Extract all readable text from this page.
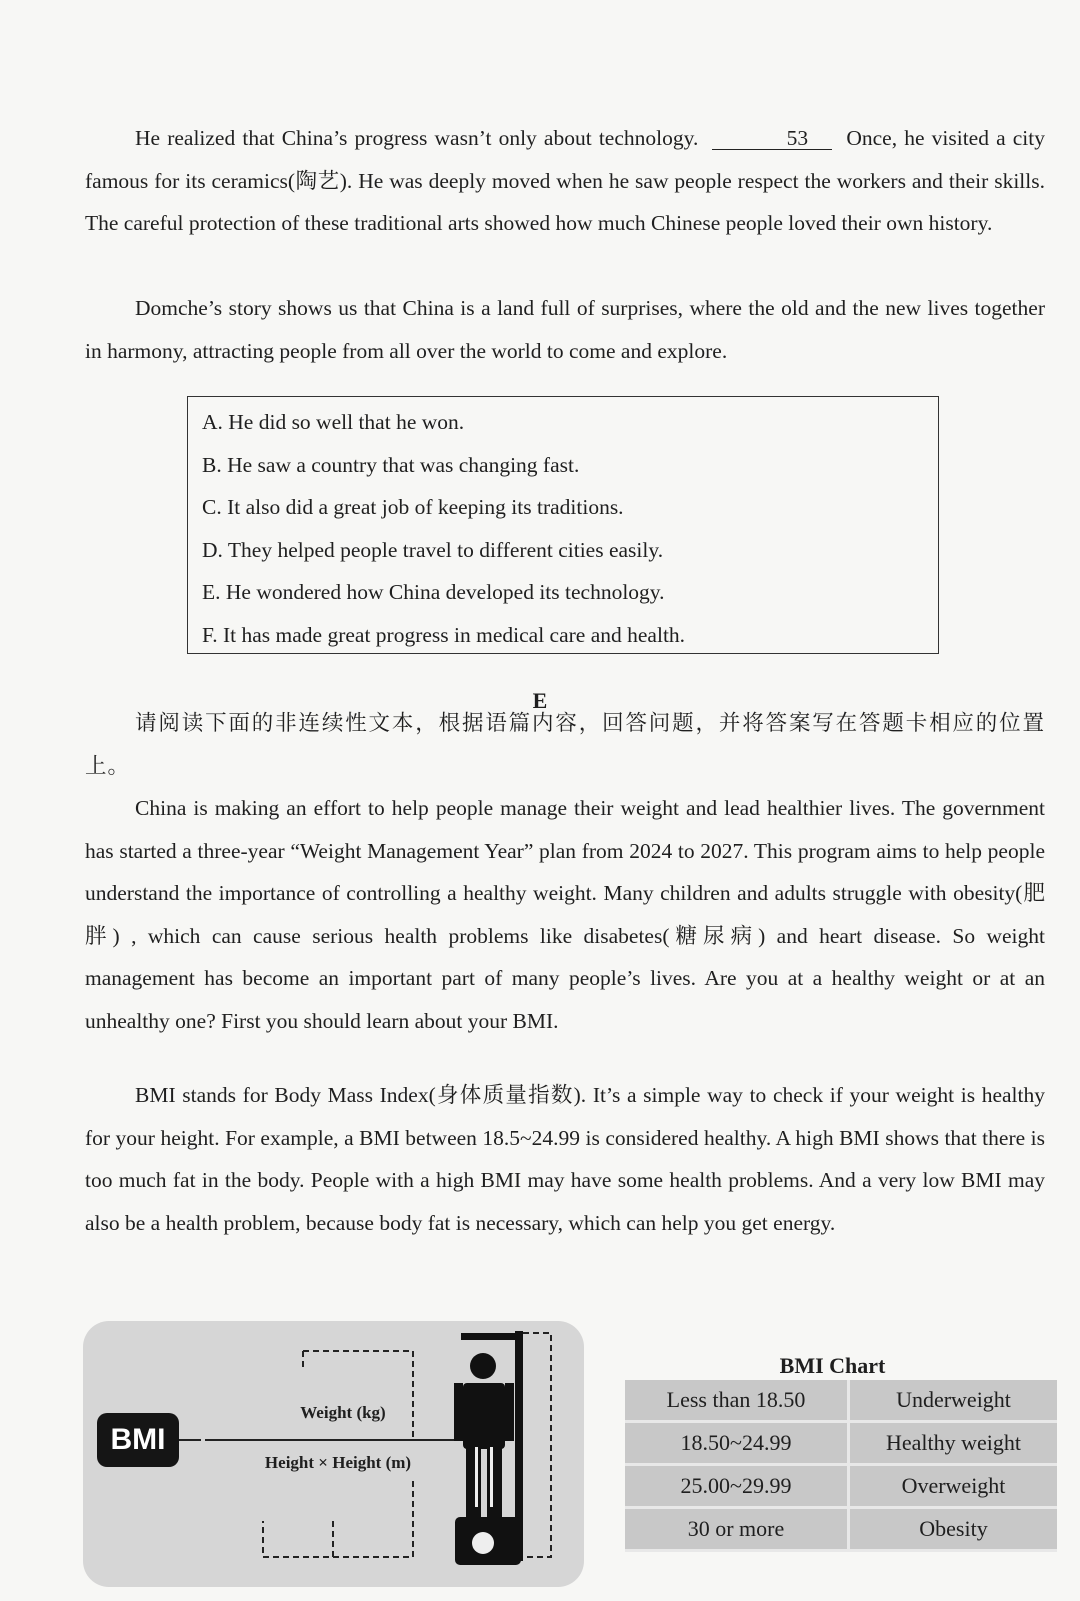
He realized that China’s progress wasn’t only about technology.	53 Once, he visited a city famous for its ceramics(陶艺). He was deeply moved when he saw people respect the workers and their skills. The careful protection of these traditional arts showed how much Chinese people loved their own history.

Domche’s story shows us that China is a land full of surprises, where the old and the new lives together in harmony, attracting people from all over the world to come and explore.

A. He did so well that he won.
B. He saw a country that was changing fast.
C. It also did a great job of keeping its traditions.
D. They helped people travel to different cities easily.
E. He wondered how China developed its technology.
F. It has made great progress in medical care and health.
E

请阅读下面的非连续性文本，根据语篇内容，回答问题，并将答案写在答题卡相应的位置上。

China is making an effort to help people manage their weight and lead healthier lives. The government has started a three-year “Weight Management Year” plan from 2024 to 2027. This program aims to help people understand the importance of controlling a healthy weight. Many children and adults struggle with obesity(肥胖) , which can cause serious health problems like disabetes(糖尿病) and heart disease. So weight management has become an important part of many people’s lives. Are you at a healthy weight or at an unhealthy one? First you should learn about your BMI.

BMI stands for Body Mass Index(身体质量指数). It’s a simple way to check if your weight is healthy for your height. For example, a BMI between 18.5~24.99 is considered healthy. A high BMI shows that there is too much fat in the body. People with a high BMI may have some health problems. And a very low BMI may also be a health problem, because body fat is necessary, which can help you get energy.

BMI
Weight (kg)
Height × Height (m)
BMI Chart
Less than 18.50	Underweight
18.50~24.99	Healthy weight
25.00~29.99	Overweight
30 or more	Obesity
